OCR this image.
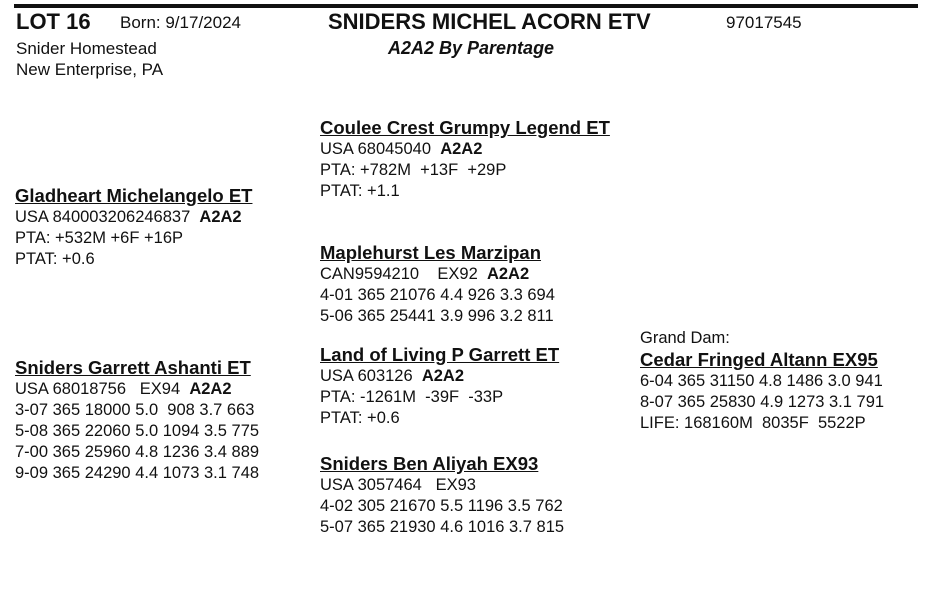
LOT 16 Born: 9/17/2024
Snider Homestead
New Enterprise, PA
SNIDERS MICHEL ACORN ETV	97017545
A2A2 By Parentage
Gladheart Michelangelo ET
USA 840003206246837 A2A2
PTA: +532M +6F +16P
PTAT: +0.6
Sniders Garrett Ashanti ET
USA 68018756 EX94 A2A2
3-07 365 18000 5.0  908 3.7 663
5-08 365 22060 5.0 1094 3.5 775
7-00 365 25960 4.8 1236 3.4 889
9-09 365 24290 4.4 1073 3.1 748
Coulee Crest Grumpy Legend ET
USA 68045040 A2A2
PTA: +782M  +13F  +29P
PTAT: +1.1
Maplehurst Les Marzipan
CAN9594210 EX92 A2A2
4-01 365 21076 4.4 926 3.3 694
5-06 365 25441 3.9 996 3.2 811
Land of Living P Garrett ET
USA 603126 A2A2
PTA: -1261M  -39F  -33P
PTAT: +0.6
Sniders Ben Aliyah EX93
USA 3057464 EX93
4-02 305 21670 5.5 1196 3.5 762
5-07 365 21930 4.6 1016 3.7 815
Grand Dam:
Cedar Fringed Altann EX95
6-04 365 31150 4.8 1486 3.0 941
8-07 365 25830 4.9 1273 3.1 791
LIFE: 168160M  8035F  5522P
